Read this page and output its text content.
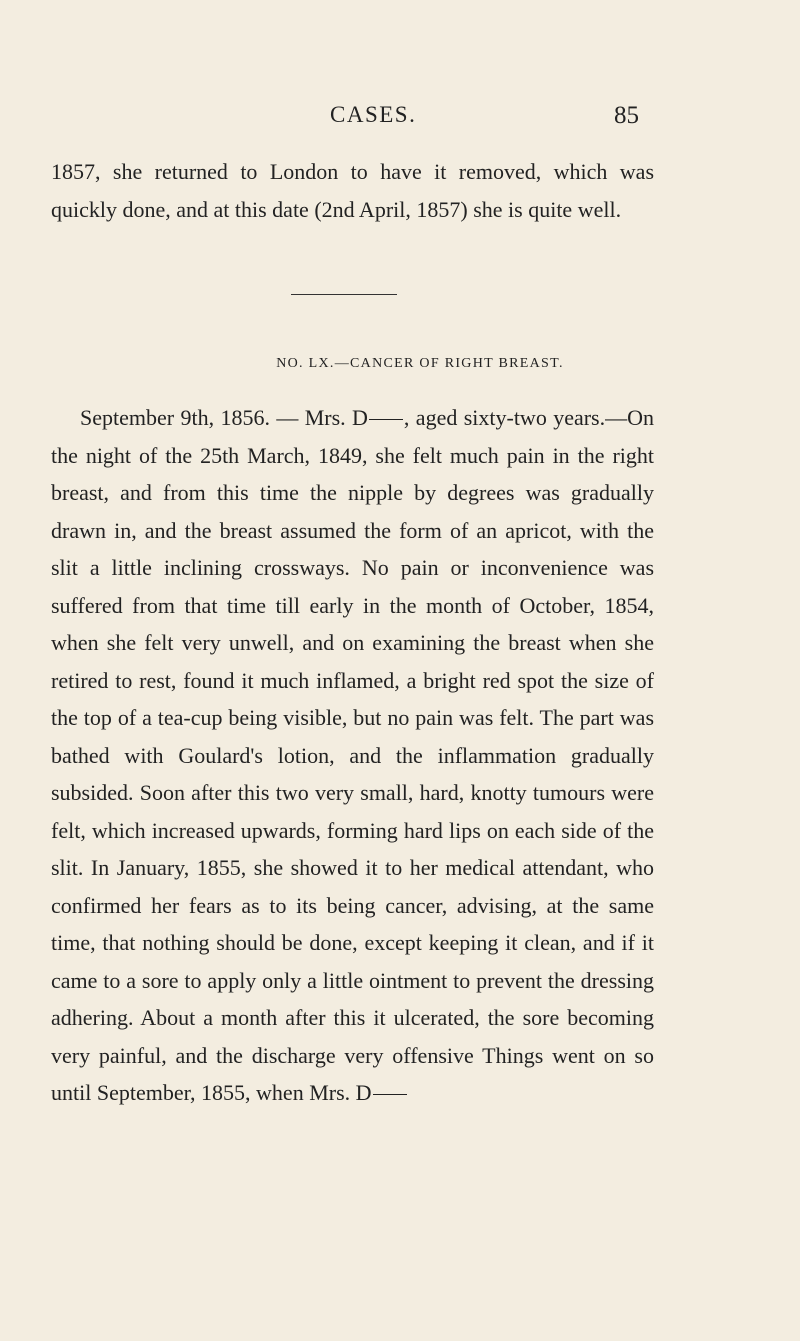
CASES.	85

1857, she returned to London to have it removed, which was quickly done, and at this date (2nd April, 1857) she is quite well.

NO. LX.—CANCER OF RIGHT BREAST.

September 9th, 1856. — Mrs. D , aged sixty-two years.—On the night of the 25th March, 1849, she felt much pain in the right breast, and from this time the nipple by degrees was gradually drawn in, and the breast assumed the form of an apricot, with the slit a little inclining crossways. No pain or inconvenience was suffered from that time till early in the month of October, 1854, when she felt very unwell, and on examining the breast when she retired to rest, found it much inflamed, a bright red spot the size of the top of a tea-cup being visible, but no pain was felt. The part was bathed with Goulard's lotion, and the inflammation gradually subsided. Soon after this two very small, hard, knotty tumours were felt, which increased upwards, forming hard lips on each side of the slit. In January, 1855, she showed it to her medical attendant, who confirmed her fears as to its being cancer, advising, at the same time, that nothing should be done, except keeping it clean, and if it came to a sore to apply only a little ointment to prevent the dressing adhering. About a month after this it ulcerated, the sore becoming very painful, and the discharge very offensive Things went on so until September, 1855, when Mrs. D
